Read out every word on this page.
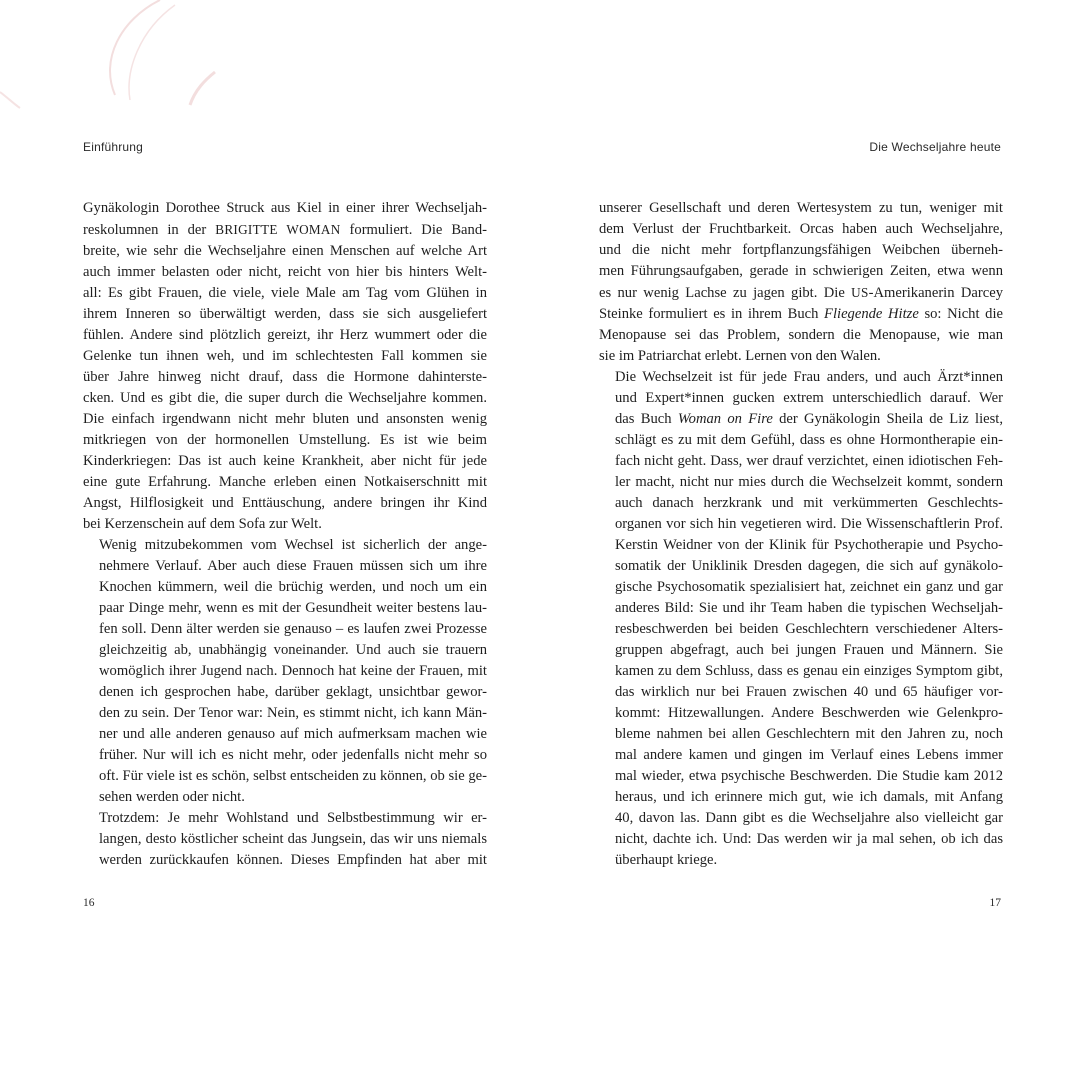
Einführung	Die Wechseljahre heute

Gynäkologin Dorothee Struck aus Kiel in einer ihrer Wechseljah-
reskolumnen in der BRIGITTE WOMAN formuliert. Die Band-
breite, wie sehr die Wechseljahre einen Menschen auf welche Art
auch immer belasten oder nicht, reicht von hier bis hinters Welt-
all: Es gibt Frauen, die viele, viele Male am Tag vom Glühen in
ihrem Inneren so überwältigt werden, dass sie sich ausgeliefert
fühlen. Andere sind plötzlich gereizt, ihr Herz wummert oder die
Gelenke tun ihnen weh, und im schlechtesten Fall kommen sie
über Jahre hinweg nicht drauf, dass die Hormone dahinterste-
cken. Und es gibt die, die super durch die Wechseljahre kommen.
Die einfach irgendwann nicht mehr bluten und ansonsten wenig
mitkriegen von der hormonellen Umstellung. Es ist wie beim
Kinderkriegen: Das ist auch keine Krankheit, aber nicht für jede
eine gute Erfahrung. Manche erleben einen Notkaiserschnitt mit
Angst, Hilflosigkeit und Enttäuschung, andere bringen ihr Kind
bei Kerzenschein auf dem Sofa zur Welt.

Wenig mitzubekommen vom Wechsel ist sicherlich der ange-
nehmere Verlauf. Aber auch diese Frauen müssen sich um ihre
Knochen kümmern, weil die brüchig werden, und noch um ein
paar Dinge mehr, wenn es mit der Gesundheit weiter bestens lau-
fen soll. Denn älter werden sie genauso – es laufen zwei Prozesse
gleichzeitig ab, unabhängig voneinander. Und auch sie trauern
womöglich ihrer Jugend nach. Dennoch hat keine der Frauen, mit
denen ich gesprochen habe, darüber geklagt, unsichtbar gewor-
den zu sein. Der Tenor war: Nein, es stimmt nicht, ich kann Män-
ner und alle anderen genauso auf mich aufmerksam machen wie
früher. Nur will ich es nicht mehr, oder jedenfalls nicht mehr so
oft. Für viele ist es schön, selbst entscheiden zu können, ob sie ge-
sehen werden oder nicht.

Trotzdem: Je mehr Wohlstand und Selbstbestimmung wir er-
langen, desto köstlicher scheint das Jungsein, das wir uns niemals
werden zurückkaufen können. Dieses Empfinden hat aber mit

unserer Gesellschaft und deren Wertesystem zu tun, weniger mit
dem Verlust der Fruchtbarkeit. Orcas haben auch Wechseljahre,
und die nicht mehr fortpflanzungsfähigen Weibchen überneh-
men Führungsaufgaben, gerade in schwierigen Zeiten, etwa wenn
es nur wenig Lachse zu jagen gibt. Die US-Amerikanerin Darcey
Steinke formuliert es in ihrem Buch Fliegende Hitze so: Nicht die
Menopause sei das Problem, sondern die Menopause, wie man
sie im Patriarchat erlebt. Lernen von den Walen.

Die Wechselzeit ist für jede Frau anders, und auch Ärzt*innen
und Expert*innen gucken extrem unterschiedlich darauf. Wer
das Buch Woman on Fire der Gynäkologin Sheila de Liz liest,
schlägt es zu mit dem Gefühl, dass es ohne Hormontherapie ein-
fach nicht geht. Dass, wer drauf verzichtet, einen idiotischen Feh-
ler macht, nicht nur mies durch die Wechselzeit kommt, sondern
auch danach herzkrank und mit verkümmerten Geschlechts-
organen vor sich hin vegetieren wird. Die Wissenschaftlerin Prof.
Kerstin Weidner von der Klinik für Psychotherapie und Psycho-
somatik der Uniklinik Dresden dagegen, die sich auf gynäkolo-
gische Psychosomatik spezialisiert hat, zeichnet ein ganz und gar
anderes Bild: Sie und ihr Team haben die typischen Wechseljah-
resbeschwerden bei beiden Geschlechtern verschiedener Alters-
gruppen abgefragt, auch bei jungen Frauen und Männern. Sie
kamen zu dem Schluss, dass es genau ein einziges Symptom gibt,
das wirklich nur bei Frauen zwischen 40 und 65 häufiger vor-
kommt: Hitzewallungen. Andere Beschwerden wie Gelenkpro-
bleme nahmen bei allen Geschlechtern mit den Jahren zu, noch
mal andere kamen und gingen im Verlauf eines Lebens immer
mal wieder, etwa psychische Beschwerden. Die Studie kam 2012
heraus, und ich erinnere mich gut, wie ich damals, mit Anfang
40, davon las. Dann gibt es die Wechseljahre also vielleicht gar
nicht, dachte ich. Und: Das werden wir ja mal sehen, ob ich das
überhaupt kriege.

16	17
